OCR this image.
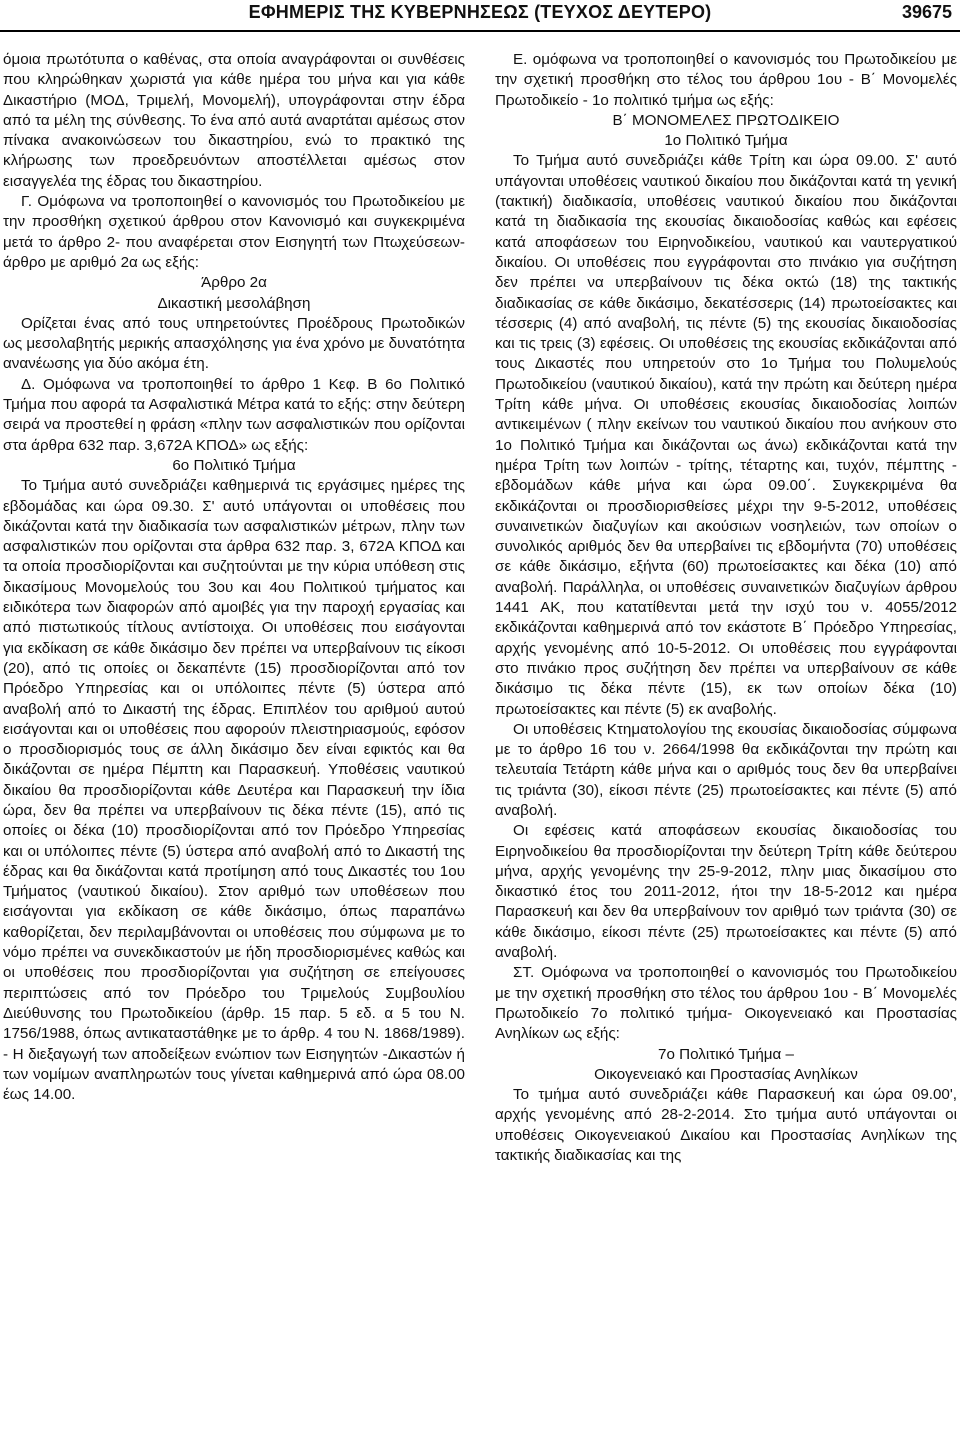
ΕΦΗΜΕΡΙΣ ΤΗΣ ΚΥΒΕΡΝΗΣΕΩΣ (ΤΕΥΧΟΣ ΔΕΥΤΕΡΟ)	39675

όμοια πρωτότυπα ο καθένας, στα οποία αναγράφονται οι συνθέσεις που κληρώθηκαν χωριστά για κάθε ημέρα του μήνα και για κάθε Δικαστήριο (ΜΟΔ, Τριμελή, Μονομελή), υπογράφονται στην έδρα από τα μέλη της σύνθεσης. Το ένα από αυτά αναρτάται αμέσως στον πίνακα ανακοινώσεων του δικαστηρίου, ενώ το πρακτικό της κλήρωσης των προεδρευόντων αποστέλλεται αμέσως στον εισαγγελέα της έδρας του δικαστηρίου.

Γ. Ομόφωνα να τροποποιηθεί ο κανονισμός του Πρωτοδικείου με την προσθήκη σχετικού άρθρου στον Κανονισμό και συγκεκριμένα μετά το άρθρο 2- που αναφέρεται στον Εισηγητή των Πτωχεύσεων- άρθρο με αριθμό 2α ως εξής:

Άρθρο 2α

Δικαστική μεσολάβηση

Ορίζεται ένας από τους υπηρετούντες Προέδρους Πρωτοδικών ως μεσολαβητής μερικής απασχόλησης για ένα χρόνο με δυνατότητα ανανέωσης για δύο ακόμα έτη.

Δ. Ομόφωνα να τροποποιηθεί το άρθρο 1 Κεφ. Β 6ο Πολιτικό Τμήμα που αφορά τα Ασφαλιστικά Μέτρα κατά το εξής: στην δεύτερη σειρά να προστεθεί η φράση «πλην των ασφαλιστικών που ορίζονται στα άρθρα 632 παρ. 3,672Α ΚΠΟΔ» ως εξής:

6ο Πολιτικό Τμήμα

Το Τμήμα αυτό συνεδριάζει καθημερινά τις εργάσιμες ημέρες της εβδομάδας και ώρα 09.30. Σ' αυτό υπάγονται οι υποθέσεις που δικάζονται κατά την διαδικασία των ασφαλιστικών μέτρων, πλην των ασφαλιστικών που ορίζονται στα άρθρα 632 παρ. 3, 672Α ΚΠΟΔ και τα οποία προσδιορίζονται και συζητούνται με την κύρια υπόθεση στις δικασίμους Μονομελούς του 3ου και 4ου Πολιτικού τμήματος και ειδικότερα των διαφορών από αμοιβές για την παροχή εργασίας και από πιστωτικούς τίτλους αντίστοιχα. Οι υποθέσεις που εισάγονται για εκδίκαση σε κάθε δικάσιμο δεν πρέπει να υπερβαίνουν τις είκοσι (20), από τις οποίες οι δεκαπέντε (15) προσδιορίζονται από τον Πρόεδρο Υπηρεσίας και οι υπόλοιπες πέντε (5) ύστερα από αναβολή από το Δικαστή της έδρας. Επιπλέον του αριθμού αυτού εισάγονται και οι υποθέσεις που αφορούν πλειστηριασμούς, εφόσον ο προσδιορισμός τους σε άλλη δικάσιμο δεν είναι εφικτός και θα δικάζονται σε ημέρα Πέμπτη και Παρασκευή. Υποθέσεις ναυτικού δικαίου θα προσδιορίζονται κάθε Δευτέρα και Παρασκευή την ίδια ώρα, δεν θα πρέπει να υπερβαίνουν τις δέκα πέντε (15), από τις οποίες οι δέκα (10) προσδιορίζονται από τον Πρόεδρο Υπηρεσίας και οι υπόλοιπες πέντε (5) ύστερα από αναβολή από το Δικαστή της έδρας και θα δικάζονται κατά προτίμηση από τους Δικαστές του 1ου Τμήματος (ναυτικού δικαίου). Στον αριθμό των υποθέσεων που εισάγονται για εκδίκαση σε κάθε δικάσιμο, όπως παραπάνω καθορίζεται, δεν περιλαμβάνονται οι υποθέσεις που σύμφωνα με το νόμο πρέπει να συνεκδικαστούν με ήδη προσδιορισμένες καθώς και οι υποθέσεις που προσδιορίζονται για συζήτηση σε επείγουσες περιπτώσεις από τον Πρόεδρο του Τριμελούς Συμβουλίου Διεύθυνσης του Πρωτοδικείου (άρθρ. 15 παρ. 5 εδ. α 5 του Ν. 1756/1988, όπως αντικαταστάθηκε με το άρθρ. 4 του Ν. 1868/1989). - Η διεξαγωγή των αποδείξεων ενώπιον των Εισηγητών -Δικαστών ή των νομίμων αναπληρωτών τους γίνεται καθημερινά από ώρα 08.00 έως 14.00.

Ε. ομόφωνα να τροποποιηθεί ο κανονισμός του Πρωτοδικείου με την σχετική προσθήκη στο τέλος του άρθρου 1ου - Β΄ Μονομελές Πρωτοδικείο - 1ο πολιτικό τμήμα ως εξής:

Β΄ ΜΟΝΟΜΕΛΕΣ ΠΡΩΤΟΔΙΚΕΙΟ

1ο Πολιτικό Τμήμα

Το Τμήμα αυτό συνεδριάζει κάθε Τρίτη και ώρα 09.00. Σ' αυτό υπάγονται υποθέσεις ναυτικού δικαίου που δικάζονται κατά τη γενική (τακτική) διαδικασία, υποθέσεις ναυτικού δικαίου που δικάζονται κατά τη διαδικασία της εκουσίας δικαιοδοσίας καθώς και εφέσεις κατά αποφάσεων του Ειρηνοδικείου, ναυτικού και ναυτεργατικού δικαίου. Οι υποθέσεις που εγγράφονται στο πινάκιο για συζήτηση δεν πρέπει να υπερβαίνουν τις δέκα οκτώ (18) της τακτικής διαδικασίας σε κάθε δικάσιμο, δεκατέσσερις (14) πρωτοείσακτες και τέσσερις (4) από αναβολή, τις πέντε (5) της εκουσίας δικαιοδοσίας και τις τρεις (3) εφέσεις. Οι υποθέσεις της εκουσίας εκδικάζονται από τους Δικαστές που υπηρετούν στο 1ο Τμήμα του Πολυμελούς Πρωτοδικείου (ναυτικού δικαίου), κατά την πρώτη και δεύτερη ημέρα Τρίτη κάθε μήνα. Οι υποθέσεις εκουσίας δικαιοδοσίας λοιπών αντικειμένων ( πλην εκείνων του ναυτικού δικαίου που ανήκουν στο 1ο Πολιτικό Τμήμα και δικάζονται ως άνω) εκδικάζονται κατά την ημέρα Τρίτη των λοιπών - τρίτης, τέταρτης και, τυχόν, πέμπτης - εβδομάδων κάθε μήνα και ώρα 09.00΄. Συγκεκριμένα θα εκδικάζονται οι προσδιορισθείσες μέχρι την 9-5-2012, υποθέσεις συναινετικών διαζυγίων και ακούσιων νοσηλειών, των οποίων ο συνολικός αριθμός δεν θα υπερβαίνει τις εβδομήντα (70) υποθέσεις σε κάθε δικάσιμο, εξήντα (60) πρωτοείσακτες και δέκα (10) από αναβολή. Παράλληλα, οι υποθέσεις συναινετικών διαζυγίων άρθρου 1441 ΑΚ, που κατατίθενται μετά την ισχύ του ν. 4055/2012 εκδικάζονται καθημερινά από τον εκάστοτε Β΄ Πρόεδρο Υπηρεσίας, αρχής γενομένης από 10-5-2012. Οι υποθέσεις που εγγράφονται στο πινάκιο προς συζήτηση δεν πρέπει να υπερβαίνουν σε κάθε δικάσιμο τις δέκα πέντε (15), εκ των οποίων δέκα (10) πρωτοείσακτες και πέντε (5) εκ αναβολής.

Οι υποθέσεις Κτηματολογίου της εκουσίας δικαιοδοσίας σύμφωνα με το άρθρο 16 του ν. 2664/1998 θα εκδικάζονται την πρώτη και τελευταία Τετάρτη κάθε μήνα και ο αριθμός τους δεν θα υπερβαίνει τις τριάντα (30), είκοσι πέντε (25) πρωτοείσακτες και πέντε (5) από αναβολή.

Οι εφέσεις κατά αποφάσεων εκουσίας δικαιοδοσίας του Ειρηνοδικείου θα προσδιορίζονται την δεύτερη Τρίτη κάθε δεύτερου μήνα, αρχής γενομένης την 25-9-2012, πλην μιας δικασίμου στο δικαστικό έτος του 2011-2012, ήτοι την 18-5-2012 και ημέρα Παρασκευή και δεν θα υπερβαίνουν τον αριθμό των τριάντα (30) σε κάθε δικάσιμο, είκοσι πέντε (25) πρωτοείσακτες και πέντε (5) από αναβολή.

ΣΤ. Ομόφωνα να τροποποιηθεί ο κανονισμός του Πρωτοδικείου με την σχετική προσθήκη στο τέλος του άρθρου 1ου - Β΄ Μονομελές Πρωτοδικείο 7ο πολιτικό τμήμα- Οικογενειακό και Προστασίας Ανηλίκων ως εξής:

7ο Πολιτικό Τμήμα –

Οικογενειακό και Προστασίας Ανηλίκων

Το τμήμα αυτό συνεδριάζει κάθε Παρασκευή και ώρα 09.00', αρχής γενομένης από 28-2-2014. Στο τμήμα αυτό υπάγονται οι υποθέσεις Οικογενειακού Δικαίου και Προστασίας Ανηλίκων της τακτικής διαδικασίας και της
